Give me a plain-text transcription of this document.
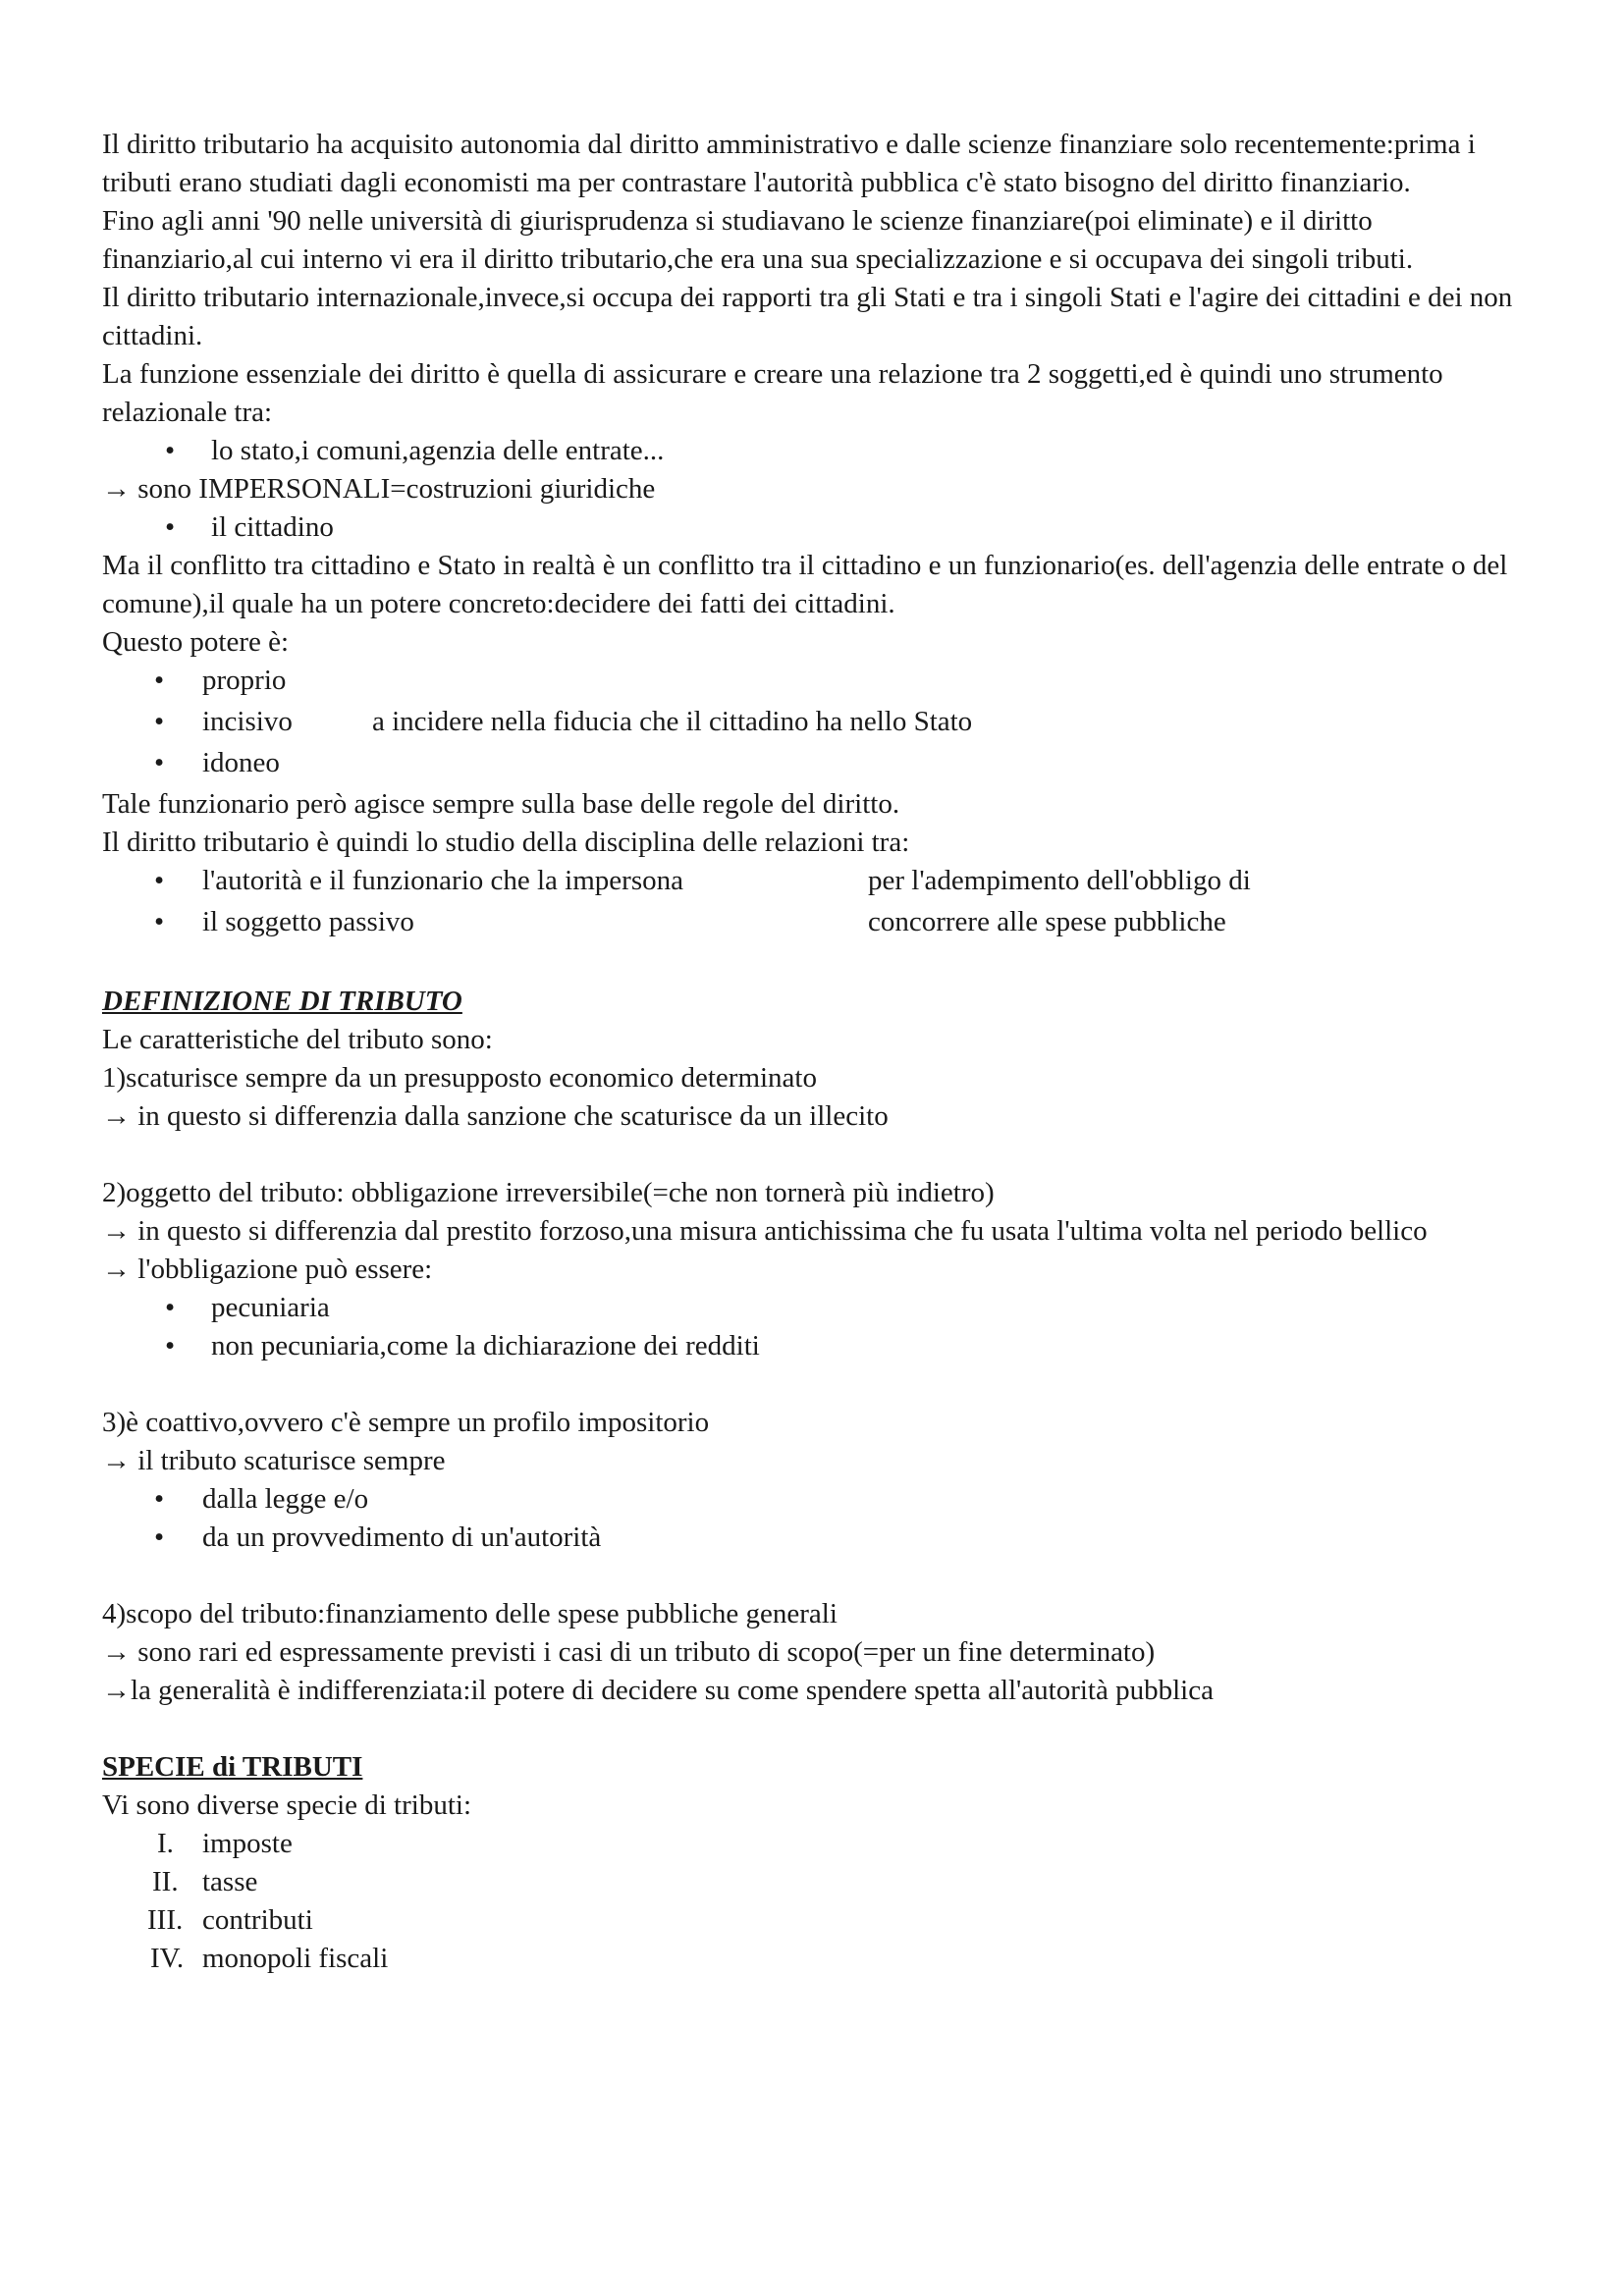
Il diritto tributario ha acquisito autonomia dal diritto amministrativo e dalle scienze finanziare solo recentemente:prima i tributi erano studiati dagli economisti ma per contrastare l'autorità pubblica c'è stato bisogno del diritto finanziario.

Fino agli anni '90 nelle università di giurisprudenza si studiavano le scienze finanziare(poi eliminate) e il diritto finanziario,al cui interno vi era il diritto tributario,che era una sua specializzazione e si occupava dei singoli tributi.

Il diritto tributario internazionale,invece,si occupa dei rapporti tra gli Stati e tra i singoli Stati e l'agire dei cittadini e dei non cittadini.

La funzione essenziale dei diritto è quella di assicurare e creare una relazione tra 2 soggetti,ed è quindi uno strumento relazionale tra:

• lo stato,i comuni,agenzia delle entrate...

→ sono IMPERSONALI=costruzioni giuridiche

• il cittadino

Ma il conflitto tra cittadino e Stato in realtà è un conflitto tra il cittadino e un funzionario(es. dell'agenzia delle entrate o del comune),il quale ha un potere concreto:decidere dei fatti dei cittadini.

Questo potere è:

• proprio
• incisivo	a incidere nella fiducia che il cittadino ha nello Stato
• idoneo

Tale funzionario però agisce sempre sulla base delle regole del diritto.

Il diritto tributario è quindi lo studio della disciplina delle relazioni tra:

• l'autorità e il funzionario che la impersona	per l'adempimento dell'obbligo di
• il soggetto passivo	concorrere alle spese pubbliche

DEFINIZIONE DI TRIBUTO

Le caratteristiche del tributo sono:

1)scaturisce sempre da un presupposto economico determinato

→ in questo si differenzia dalla sanzione che scaturisce da un illecito

2)oggetto del tributo: obbligazione irreversibile(=che non tornerà più indietro)

→ in questo si differenzia dal prestito forzoso,una misura antichissima che fu usata l'ultima volta nel periodo bellico

→ l'obbligazione può essere:

• pecuniaria
• non pecuniaria,come la dichiarazione dei redditi

3)è coattivo,ovvero c'è sempre un profilo impositorio

→ il tributo scaturisce sempre

• dalla legge e/o
• da un provvedimento di un'autorità

4)scopo del tributo:finanziamento delle spese pubbliche generali

→ sono rari ed espressamente previsti i casi di un tributo di scopo(=per un fine determinato)

→la generalità è indifferenziata:il potere di decidere su come spendere spetta all'autorità pubblica

SPECIE di TRIBUTI

Vi sono diverse specie di tributi:

I. imposte
II. tasse
III. contributi
IV. monopoli fiscali
